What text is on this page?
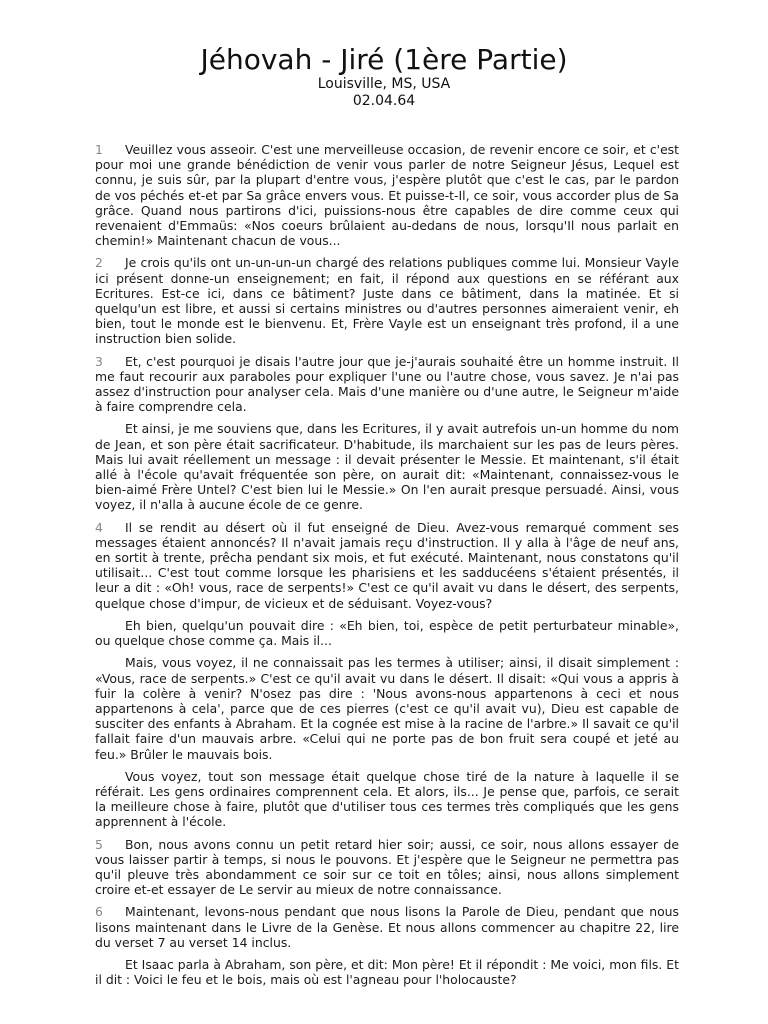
Jéhovah - Jiré (1ère Partie)
Louisville, MS, USA
02.04.64

1 Veuillez vous asseoir. C'est une merveilleuse occasion, de revenir encore ce soir, et c'est pour moi une grande bénédiction de venir vous parler de notre Seigneur Jésus, Lequel est connu, je suis sûr, par la plupart d'entre vous, j'espère plutôt que c'est le cas, par le pardon de vos péchés et-et par Sa grâce envers vous. Et puisse-t-Il, ce soir, vous accorder plus de Sa grâce. Quand nous partirons d'ici, puissions-nous être capables de dire comme ceux qui revenaient d'Emmaüs: «Nos coeurs brûlaient au-dedans de nous, lorsqu'Il nous parlait en chemin!» Maintenant chacun de vous...

2 Je crois qu'ils ont un-un-un-un chargé des relations publiques comme lui. Monsieur Vayle ici présent donne-un enseignement; en fait, il répond aux questions en se référant aux Ecritures. Est-ce ici, dans ce bâtiment? Juste dans ce bâtiment, dans la matinée. Et si quelqu'un est libre, et aussi si certains ministres ou d'autres personnes aimeraient venir, eh bien, tout le monde est le bienvenu. Et, Frère Vayle est un enseignant très profond, il a une instruction bien solide.

3 Et, c'est pourquoi je disais l'autre jour que je-j'aurais souhaité être un homme instruit. Il me faut recourir aux paraboles pour expliquer l'une ou l'autre chose, vous savez. Je n'ai pas assez d'instruction pour analyser cela. Mais d'une manière ou d'une autre, le Seigneur m'aide à faire comprendre cela.

Et ainsi, je me souviens que, dans les Ecritures, il y avait autrefois un-un homme du nom de Jean, et son père était sacrificateur. D'habitude, ils marchaient sur les pas de leurs pères. Mais lui avait réellement un message : il devait présenter le Messie. Et maintenant, s'il était allé à l'école qu'avait fréquentée son père, on aurait dit: «Maintenant, connaissez-vous le bien-aimé Frère Untel? C'est bien lui le Messie.» On l'en aurait presque persuadé. Ainsi, vous voyez, il n'alla à aucune école de ce genre.

4 Il se rendit au désert où il fut enseigné de Dieu. Avez-vous remarqué comment ses messages étaient annoncés? Il n'avait jamais reçu d'instruction. Il y alla à l'âge de neuf ans, en sortit à trente, prêcha pendant six mois, et fut exécuté. Maintenant, nous constatons qu'il utilisait... C'est tout comme lorsque les pharisiens et les sadducéens s'étaient présentés, il leur a dit : «Oh! vous, race de serpents!» C'est ce qu'il avait vu dans le désert, des serpents, quelque chose d'impur, de vicieux et de séduisant. Voyez-vous?

Eh bien, quelqu'un pouvait dire : «Eh bien, toi, espèce de petit perturbateur minable», ou quelque chose comme ça. Mais il...

Mais, vous voyez, il ne connaissait pas les termes à utiliser; ainsi, il disait simplement : «Vous, race de serpents.» C'est ce qu'il avait vu dans le désert. Il disait: «Qui vous a appris à fuir la colère à venir? N'osez pas dire : 'Nous avons-nous appartenons à ceci et nous appartenons à cela', parce que de ces pierres (c'est ce qu'il avait vu), Dieu est capable de susciter des enfants à Abraham. Et la cognée est mise à la racine de l'arbre.» Il savait ce qu'il fallait faire d'un mauvais arbre. «Celui qui ne porte pas de bon fruit sera coupé et jeté au feu.» Brûler le mauvais bois.

Vous voyez, tout son message était quelque chose tiré de la nature à laquelle il se référait. Les gens ordinaires comprennent cela. Et alors, ils... Je pense que, parfois, ce serait la meilleure chose à faire, plutôt que d'utiliser tous ces termes très compliqués que les gens apprennent à l'école.

5 Bon, nous avons connu un petit retard hier soir; aussi, ce soir, nous allons essayer de vous laisser partir à temps, si nous le pouvons. Et j'espère que le Seigneur ne permettra pas qu'il pleuve très abondamment ce soir sur ce toit en tôles; ainsi, nous allons simplement croire et-et essayer de Le servir au mieux de notre connaissance.

6 Maintenant, levons-nous pendant que nous lisons la Parole de Dieu, pendant que nous lisons maintenant dans le Livre de la Genèse. Et nous allons commencer au chapitre 22, lire du verset 7 au verset 14 inclus.

Et Isaac parla à Abraham, son père, et dit: Mon père! Et il répondit : Me voici, mon fils. Et il dit : Voici le feu et le bois, mais où est l'agneau pour l'holocauste?
